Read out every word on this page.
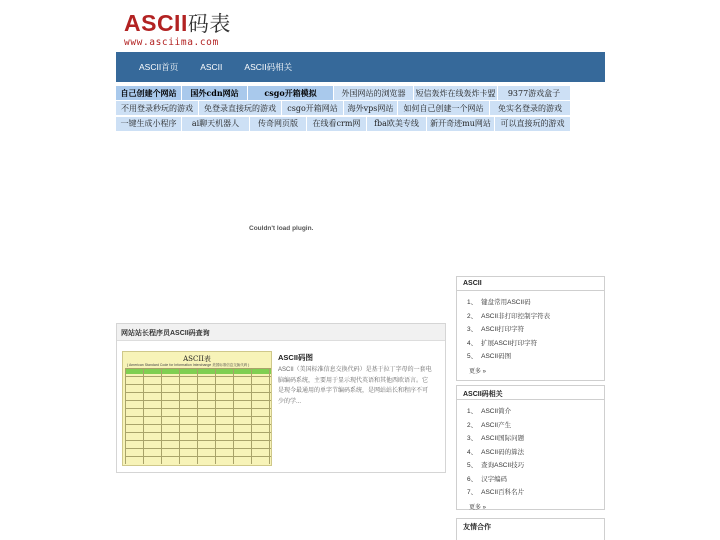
ASCII码表
www.asciima.com
ASCII首页	ASCII	ASCII码相关
自己创建个网站	国外cdn网站	csgo开箱模拟	外国网站的浏览器	短信轰炸在线轰炸卡盟	9377游戏盒子
不用登录秒玩的游戏	免登录直接玩的游戏	csgo开箱网站	海外vps网站	如何自己创建一个网站	免实名登录的游戏
一键生成小程序	ai聊天机器人	传奇网页版	在线看crm网	fba欧美专线	新开奇迹mu网站	可以直接玩的游戏
Couldn't load plugin.
网站站长程序员ASCII码查询
ASCII表
( American Standard Code for Information Interchange 美国标准信息交换代码 )
ASCII码图
ASCII（美国标准信息交换代码）是基于拉丁字母的一套电脑编码系统，主要用于显示现代英语和其他西欧语言。它是现今最通用的单字节编码系统，是网站站长和程序不可少的学...
ASCII
1、 键盘常用ASCII码
2、 ASCII非打印控制字符表
3、 ASCII打印字符
4、 扩展ASCII打印字符
5、 ASCII码图
更多 »
ASCII码相关
1、 ASCII简介
2、 ASCII产生
3、 ASCII国际问题
4、 ASCII码的算法
5、 查询ASCII技巧
6、 汉字编码
7、 ASCII百科名片
更多 »
友情合作
